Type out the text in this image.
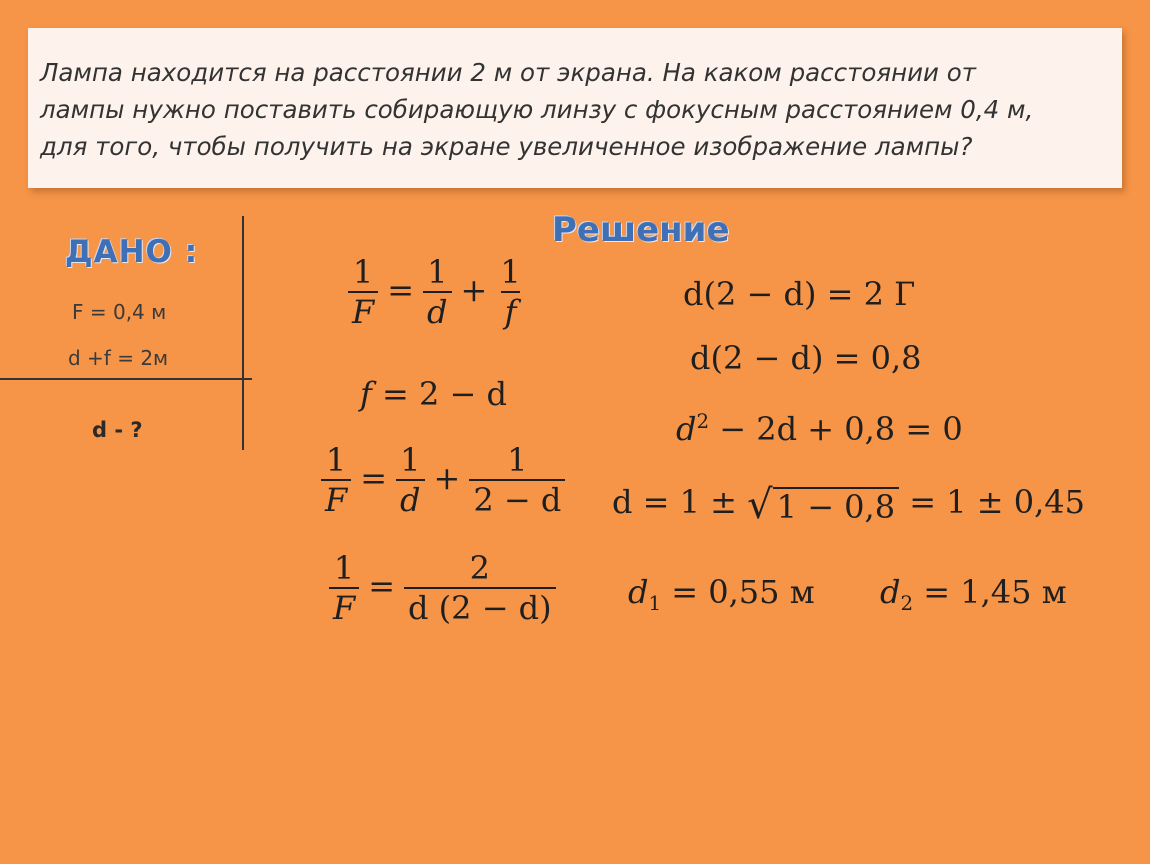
Лампа находится на расстоянии 2 м от экрана. На каком расстоянии от
лампы нужно поставить собирающую линзу с фокусным расстоянием 0,4 м,
для того, чтобы получить на экране увеличенное изображение лампы?

ДАНО :
F = 0,4 м
d +f = 2м
d - ?
Решение
$\frac{1}{F} = \frac{1}{d} + \frac{1}{f}$
f = 2 − d
$\frac{1}{F} = \frac{1}{d} + \frac{1}{2 - d}$
$\frac{1}{F} = \frac{2}{d (2 - d)}$
d(2 − d) = 2 Г
d(2 − d) = 0,8
$d^2 - 2d + 0,8 = 0$
d = 1 ± √ 1 − 0,8 = 1 ± 0,45
$d_1 = 0,55$ м $d_2 = 1,45$ м
